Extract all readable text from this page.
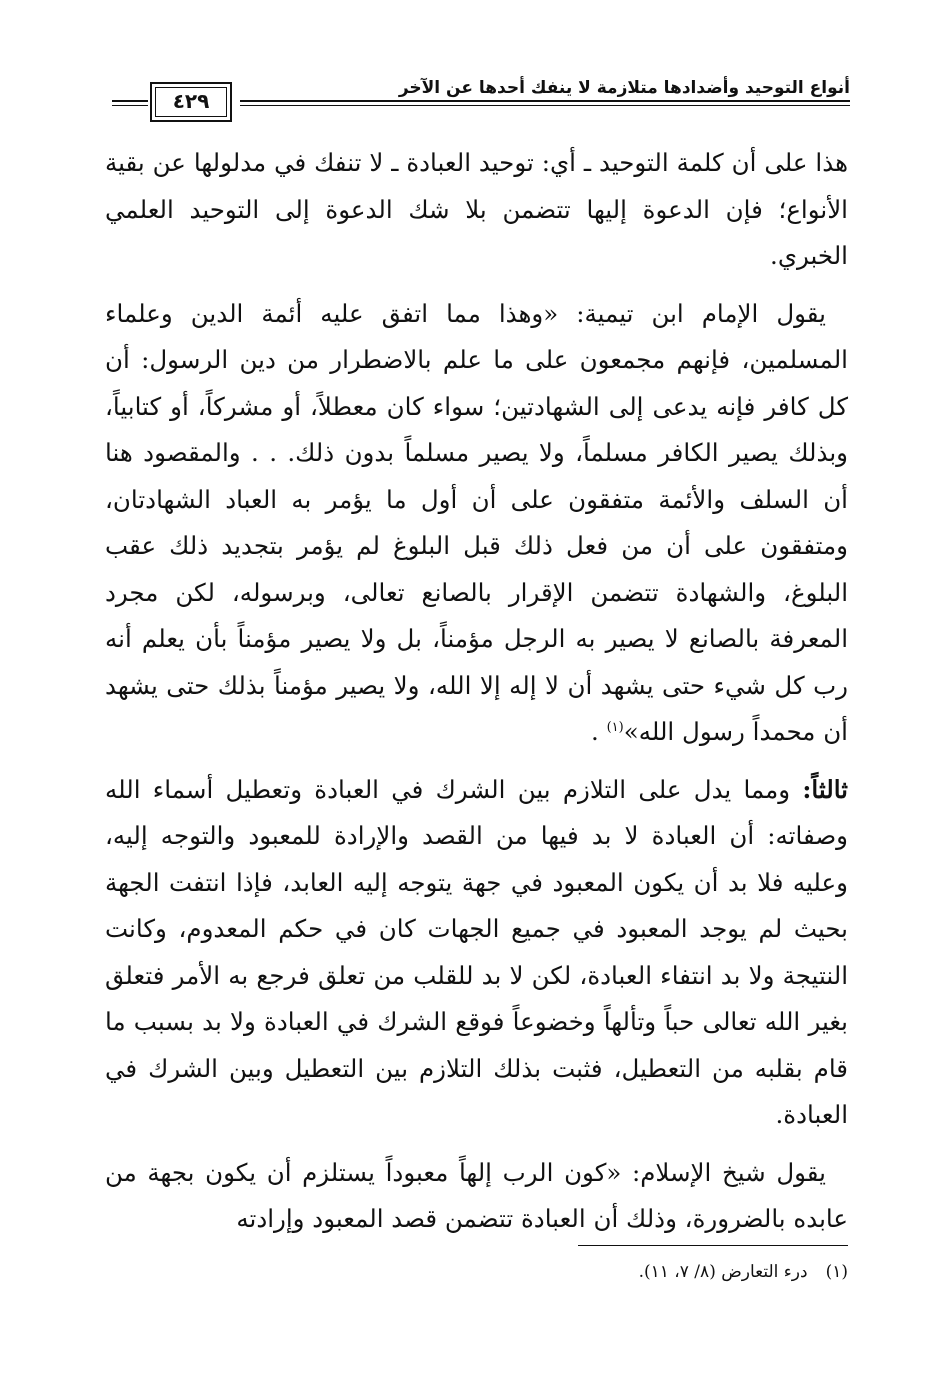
أنواع التوحيد وأضدادها متلازمة لا ينفك أحدها عن الآخر
٤٢٩

هذا على أن كلمة التوحيد ـ أي: توحيد العبادة ـ لا تنفك في مدلولها عن بقية الأنواع؛ فإن الدعوة إليها تتضمن بلا شك الدعوة إلى التوحيد العلمي الخبري.

يقول الإمام ابن تيمية: «وهذا مما اتفق عليه أئمة الدين وعلماء المسلمين، فإنهم مجمعون على ما علم بالاضطرار من دين الرسول: أن كل كافر فإنه يدعى إلى الشهادتين؛ سواء كان معطلاً، أو مشركاً، أو كتابياً، وبذلك يصير الكافر مسلماً، ولا يصير مسلماً بدون ذلك. . . والمقصود هنا أن السلف والأئمة متفقون على أن أول ما يؤمر به العباد الشهادتان، ومتفقون على أن من فعل ذلك قبل البلوغ لم يؤمر بتجديد ذلك عقب البلوغ، والشهادة تتضمن الإقرار بالصانع تعالى، وبرسوله، لكن مجرد المعرفة بالصانع لا يصير به الرجل مؤمناً، بل ولا يصير مؤمناً بأن يعلم أنه رب كل شيء حتى يشهد أن لا إله إلا الله، ولا يصير مؤمناً بذلك حتى يشهد أن محمداً رسول الله»$^{(١)}$ .

ثالثاً: ومما يدل على التلازم بين الشرك في العبادة وتعطيل أسماء الله وصفاته: أن العبادة لا بد فيها من القصد والإرادة للمعبود والتوجه إليه، وعليه فلا بد أن يكون المعبود في جهة يتوجه إليه العابد، فإذا انتفت الجهة بحيث لم يوجد المعبود في جميع الجهات كان في حكم المعدوم، وكانت النتيجة ولا بد انتفاء العبادة، لكن لا بد للقلب من تعلق فرجع به الأمر فتعلق بغير الله تعالى حباً وتألهاً وخضوعاً فوقع الشرك في العبادة ولا بد بسبب ما قام بقلبه من التعطيل، فثبت بذلك التلازم بين التعطيل وبين الشرك في العبادة.

يقول شيخ الإسلام: «كون الرب إلهاً معبوداً يستلزم أن يكون بجهة من عابده بالضرورة، وذلك أن العبادة تتضمن قصد المعبود وإرادته

(١)درء التعارض (٨/ ٧، ١١).
